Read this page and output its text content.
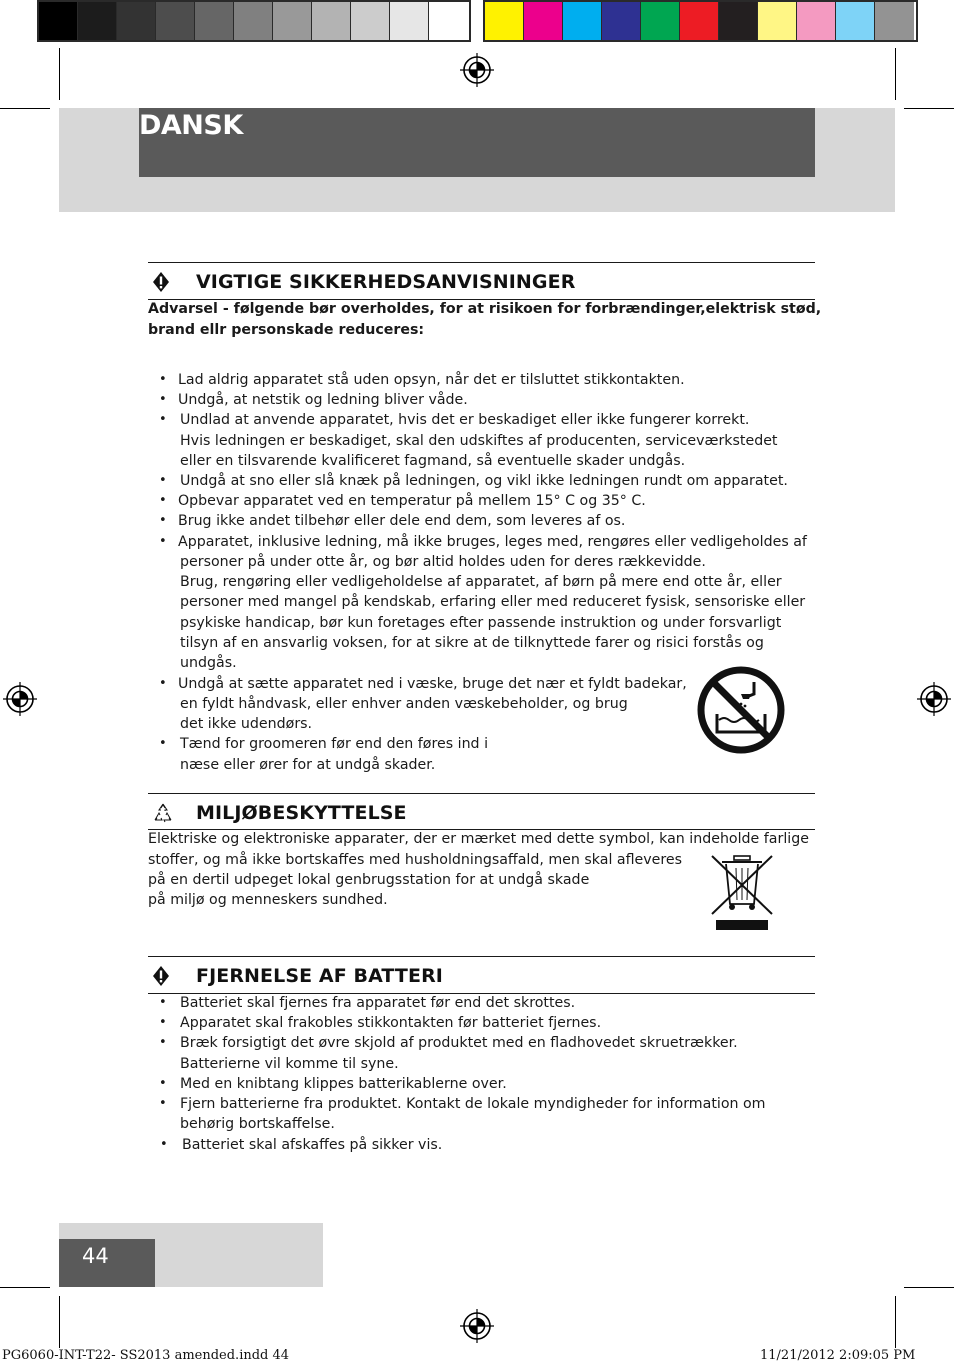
DANSK
VIGTIGE SIKKERHEDSANVISNINGER
Advarsel - følgende bør overholdes, for at risikoen for forbrændinger,elektrisk stød,
brand ellr personskade reduceres:
• Lad aldrig apparatet stå uden opsyn, når det er tilsluttet stikkontakten.
• Undgå, at netstik og ledning bliver våde.
• Undlad at anvende apparatet, hvis det er beskadiget eller ikke fungerer korrekt.
Hvis ledningen er beskadiget, skal den udskiftes af producenten, serviceværkstedet
eller en tilsvarende kvalificeret fagmand, så eventuelle skader undgås.
• Undgå at sno eller slå knæk på ledningen, og vikl ikke ledningen rundt om apparatet.
• Opbevar apparatet ved en temperatur på mellem 15° C og 35° C.
• Brug ikke andet tilbehør eller dele end dem, som leveres af os.
• Apparatet, inklusive ledning, må ikke bruges, leges med, rengøres eller vedligeholdes af
personer på under otte år, og bør altid holdes uden for deres rækkevidde.
Brug, rengøring eller vedligeholdelse af apparatet, af børn på mere end otte år, eller
personer med mangel på kendskab, erfaring eller med reduceret fysisk, sensoriske eller
psykiske handicap, bør kun foretages efter passende instruktion og under forsvarligt
tilsyn af en ansvarlig voksen, for at sikre at de tilknyttede farer og risici forstås og
undgås.
• Undgå at sætte apparatet ned i væske, bruge det nær et fyldt badekar,
en fyldt håndvask, eller enhver anden væskebeholder, og brug
det ikke udendørs.
• Tænd for groomeren før end den føres ind i
næse eller ører for at undgå skader.
MILJØBESKYTTELSE
Elektriske og elektroniske apparater, der er mærket med dette symbol, kan indeholde farlige
stoffer, og må ikke bortskaffes med husholdningsaffald, men skal afleveres
på en dertil udpeget lokal genbrugsstation for at undgå skade
på miljø og menneskers sundhed.
FJERNELSE AF BATTERI
• Batteriet skal fjernes fra apparatet før end det skrottes.
• Apparatet skal frakobles stikkontakten før batteriet fjernes.
• Bræk forsigtigt det øvre skjold af produktet med en fladhovedet skruetrækker.
Batterierne vil komme til syne.
• Med en knibtang klippes batterikablerne over.
• Fjern batterierne fra produktet. Kontakt de lokale myndigheder for information om
behørig bortskaffelse.
• Batteriet skal afskaffes på sikker vis.
44
PG6060-INT-T22- SS2013 amended.indd 44	11/21/2012 2:09:05 PM
